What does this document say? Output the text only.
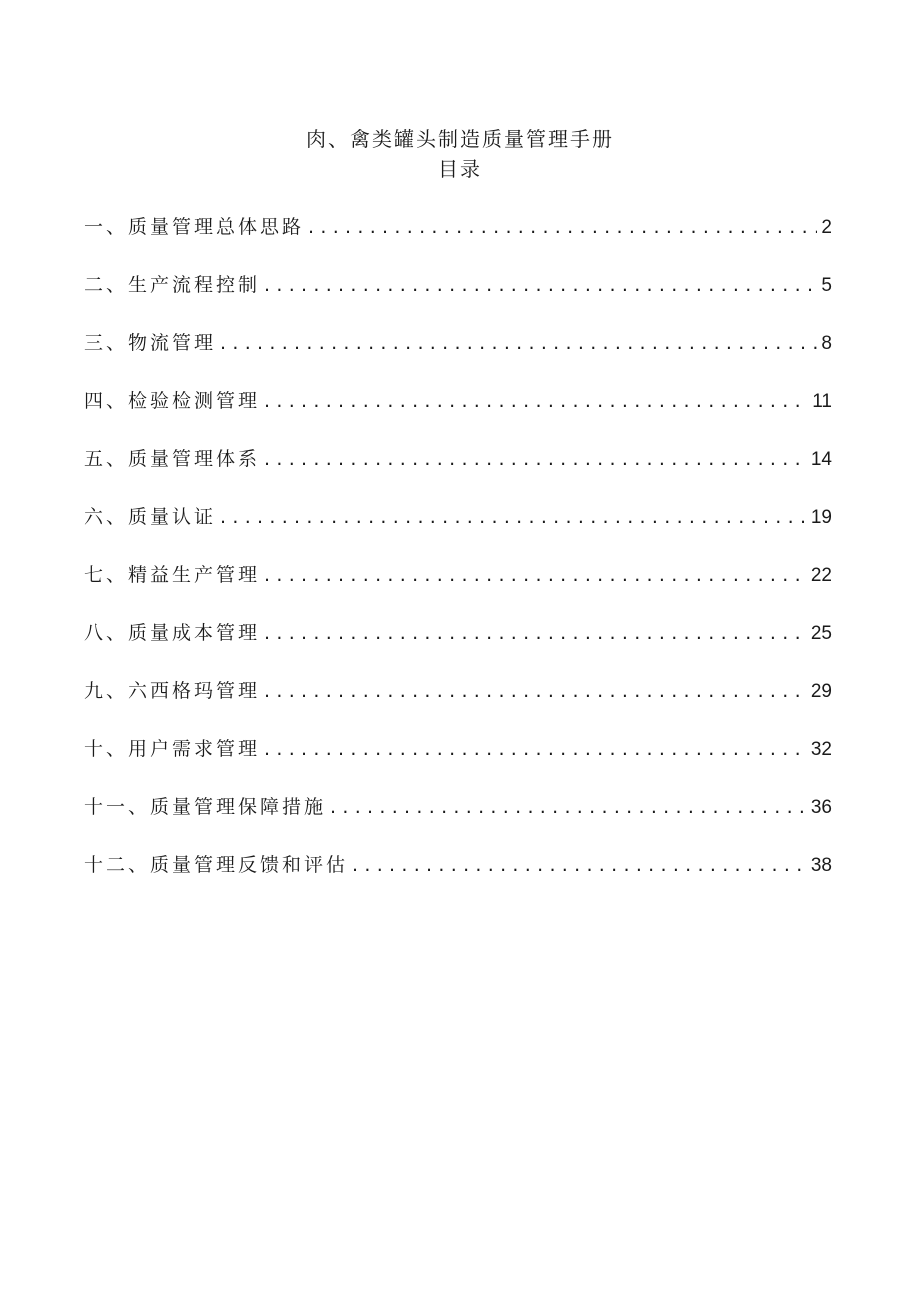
肉、禽类罐头制造质量管理手册
目录
一、质量管理总体思路 .....	2
二、生产流程控制 .....	5
三、物流管理 .....	8
四、检验检测管理 .....	11
五、质量管理体系 .....	14
六、质量认证 .....	19
七、精益生产管理 .....	22
八、质量成本管理 .....	25
九、六西格玛管理 .....	29
十、用户需求管理 .....	32
十一、质量管理保障措施 .....	36
十二、质量管理反馈和评估 .....	38
